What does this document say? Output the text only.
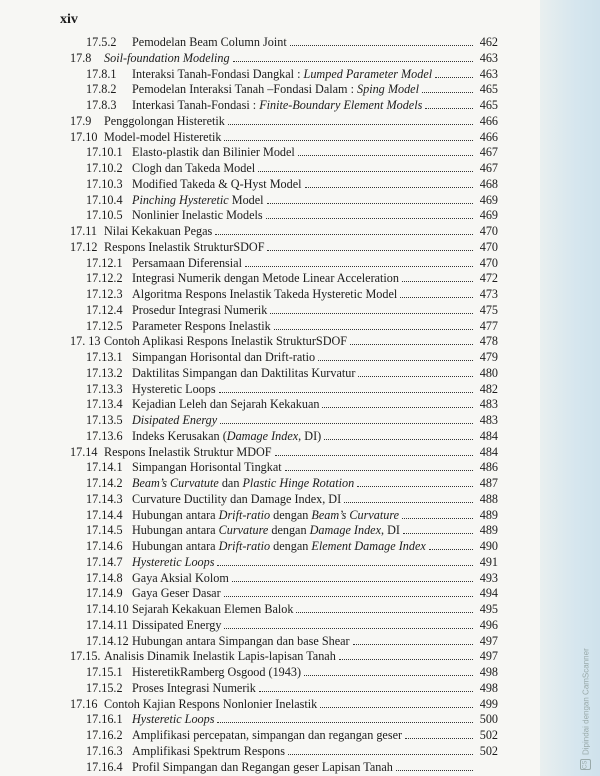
xiv
17.5.2	Pemodelan Beam Column Joint	462
17.8	Soil-foundation Modeling	463
17.8.1	Interaksi Tanah-Fondasi Dangkal : Lumped Parameter Model	463
17.8.2	Pemodelan Interaksi Tanah –Fondasi Dalam : Sping Model	465
17.8.3	Interkasi Tanah-Fondasi : Finite-Boundary Element Models	465
17.9	Penggolongan Histeretik	466
17.10 Model-model Histeretik	466
17.10.1 Elasto-plastik dan Bilinier Model	467
17.10.2 Clogh dan Takeda Model	467
17.10.3 Modified Takeda & Q-Hyst Model	468
17.10.4 Pinching Hysteretic Model	469
17.10.5 Nonlinier Inelastic Models	469
17.11 Nilai Kekakuan Pegas	470
17.12 Respons Inelastik StrukturSDOF	470
17.12.1 Persamaan Diferensial	470
17.12.2 Integrasi Numerik dengan Metode Linear Acceleration	472
17.12.3 Algoritma Respons Inelastik Takeda Hysteretic Model	473
17.12.4 Prosedur Integrasi Numerik	475
17.12.5 Parameter Respons Inelastik	477
17. 13 Contoh Aplikasi Respons Inelastik StrukturSDOF	478
17.13.1 Simpangan Horisontal dan Drift-ratio	479
17.13.2 Daktilitas Simpangan dan Daktilitas Kurvatur	480
17.13.3 Hysteretic Loops	482
17.13.4 Kejadian Leleh dan Sejarah Kekakuan	483
17.13.5 Disipated Energy	483
17.13.6 Indeks Kerusakan (Damage Index, DI)	484
17.14 Respons Inelastik Struktur MDOF	484
17.14.1 Simpangan Horisontal Tingkat	486
17.14.2 Beam’s Curvatute dan Plastic Hinge Rotation	487
17.14.3 Curvature Ductility dan Damage Index, DI	488
17.14.4 Hubungan antara Drift-ratio dengan Beam’s Curvature	489
17.14.5 Hubungan antara Curvature dengan Damage Index, DI	489
17.14.6 Hubungan antara Drift-ratio dengan Element Damage Index	490
17.14.7 Hysteretic Loops	491
17.14.8 Gaya Aksial Kolom	493
17.14.9 Gaya Geser Dasar	494
17.14.10 Sejarah Kekakuan Elemen Balok	495
17.14.11 Dissipated Energy	496
17.14.12 Hubungan antara Simpangan dan base Shear	497
17.15. Analisis Dinamik Inelastik Lapis-lapisan Tanah	497
17.15.1 HisteretikRamberg Osgood (1943)	498
17.15.2 Proses Integrasi Numerik	498
17.16 Contoh Kajian Respons Nonlonier Inelastik	499
17.16.1 Hysteretic Loops	500
17.16.2 Amplifikasi percepatan, simpangan dan regangan geser	502
17.16.3 Amplifikasi Spektrum Respons	502
17.16.4 Profil Simpangan dan Regangan geser Lapisan Tanah	CS
Dipindai dengan CamScanner
